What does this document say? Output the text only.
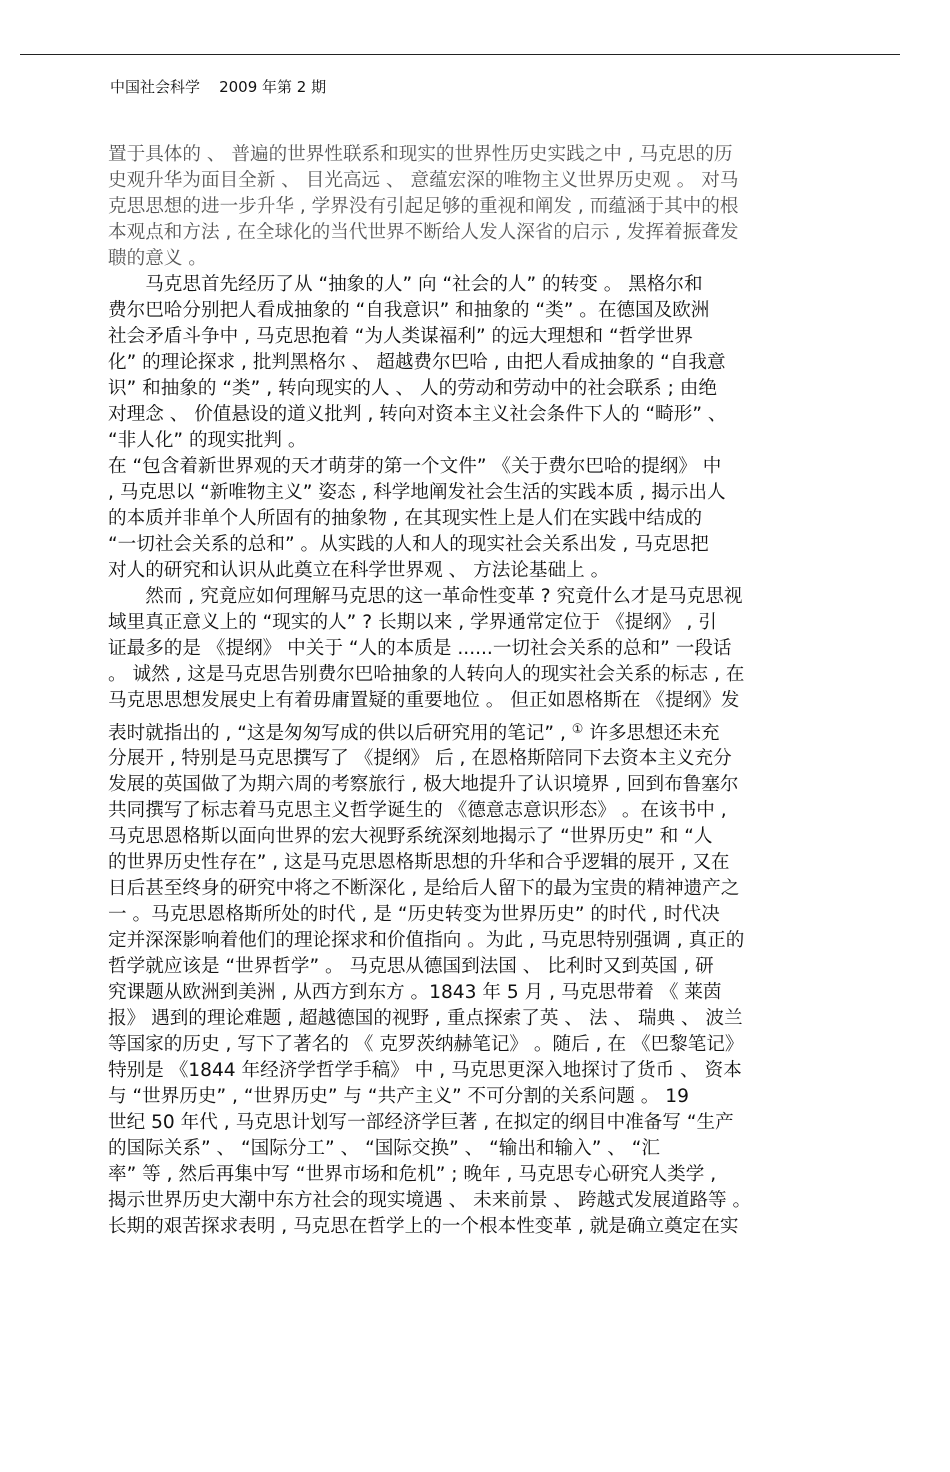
中国社会科学 2009 年第 2 期
置于具体的 、 普遍的世界性联系和现实的世界性历史实践之中 , 马克思的历
史观升华为面目全新 、 目光高远 、 意蕴宏深的唯物主义世界历史观 。 对马
克思思想的进一步升华 , 学界没有引起足够的重视和阐发 , 而蕴涵于其中的根
本观点和方法 , 在全球化的当代世界不断给人发人深省的启示 , 发挥着振聋发
聩的意义 。
　　马克思首先经历了从 “抽象的人” 向 “社会的人” 的转变 。 黑格尔和
费尔巴哈分别把人看成抽象的 “自我意识” 和抽象的 “类” 。在德国及欧洲
社会矛盾斗争中 , 马克思抱着 “为人类谋福利” 的远大理想和 “哲学世界
化” 的理论探求 , 批判黑格尔 、 超越费尔巴哈 , 由把人看成抽象的 “自我意
识” 和抽象的 “类” , 转向现实的人 、 人的劳动和劳动中的社会联系 ; 由绝
对理念 、 价值悬设的道义批判 , 转向对资本主义社会条件下人的 “畸形” 、
“非人化” 的现实批判 。
在 “包含着新世界观的天才萌芽的第一个文件” 《关于费尔巴哈的提纲》 中
, 马克思以 “新唯物主义” 姿态 , 科学地阐发社会生活的实践本质 , 揭示出人
的本质并非单个人所固有的抽象物 , 在其现实性上是人们在实践中结成的
“一切社会关系的总和” 。从实践的人和人的现实社会关系出发 , 马克思把
对人的研究和认识从此奠立在科学世界观 、 方法论基础上 。
　　然而 , 究竟应如何理解马克思的这一革命性变革 ? 究竟什么才是马克思视
域里真正意义上的 “现实的人” ? 长期以来 , 学界通常定位于 《提纲》 , 引
证最多的是 《提纲》 中关于 “人的本质是 ......一切社会关系的总和” 一段话
。 诚然 , 这是马克思告别费尔巴哈抽象的人转向人的现实社会关系的标志 , 在
马克思思想发展史上有着毋庸置疑的重要地位 。 但正如恩格斯在 《提纲》发
表时就指出的 , “这是匆匆写成的供以后研究用的笔记” , ① 许多思想还未充
分展开 , 特别是马克思撰写了 《提纲》 后 , 在恩格斯陪同下去资本主义充分
发展的英国做了为期六周的考察旅行 , 极大地提升了认识境界 , 回到布鲁塞尔
共同撰写了标志着马克思主义哲学诞生的 《德意志意识形态》 。在该书中 ,
马克思恩格斯以面向世界的宏大视野系统深刻地揭示了 “世界历史” 和 “人
的世界历史性存在” , 这是马克思恩格斯思想的升华和合乎逻辑的展开 , 又在
日后甚至终身的研究中将之不断深化 , 是给后人留下的最为宝贵的精神遗产之
一 。马克思恩格斯所处的时代 , 是 “历史转变为世界历史” 的时代 , 时代决
定并深深影响着他们的理论探求和价值指向 。为此 , 马克思特别强调 , 真正的
哲学就应该是 “世界哲学” 。 马克思从德国到法国 、 比利时又到英国 , 研
究课题从欧洲到美洲 , 从西方到东方 。1843 年 5 月 , 马克思带着 《 莱茵
报》 遇到的理论难题 , 超越德国的视野 , 重点探索了英 、 法 、 瑞典 、 波兰
等国家的历史 , 写下了著名的 《 克罗茨纳赫笔记》 。随后 , 在 《巴黎笔记》
特别是 《1844 年经济学哲学手稿》 中 , 马克思更深入地探讨了货币 、 资本
与 “世界历史” , “世界历史” 与 “共产主义” 不可分割的关系问题 。 19
世纪 50 年代 , 马克思计划写一部经济学巨著 , 在拟定的纲目中准备写 “生产
的国际关系” 、 “国际分工” 、 “国际交换” 、 “输出和输入” 、 “汇
率” 等 , 然后再集中写 “世界市场和危机” ; 晚年 , 马克思专心研究人类学 ,
揭示世界历史大潮中东方社会的现实境遇 、 未来前景 、 跨越式发展道路等 。
长期的艰苦探求表明 , 马克思在哲学上的一个根本性变革 , 就是确立奠定在实
